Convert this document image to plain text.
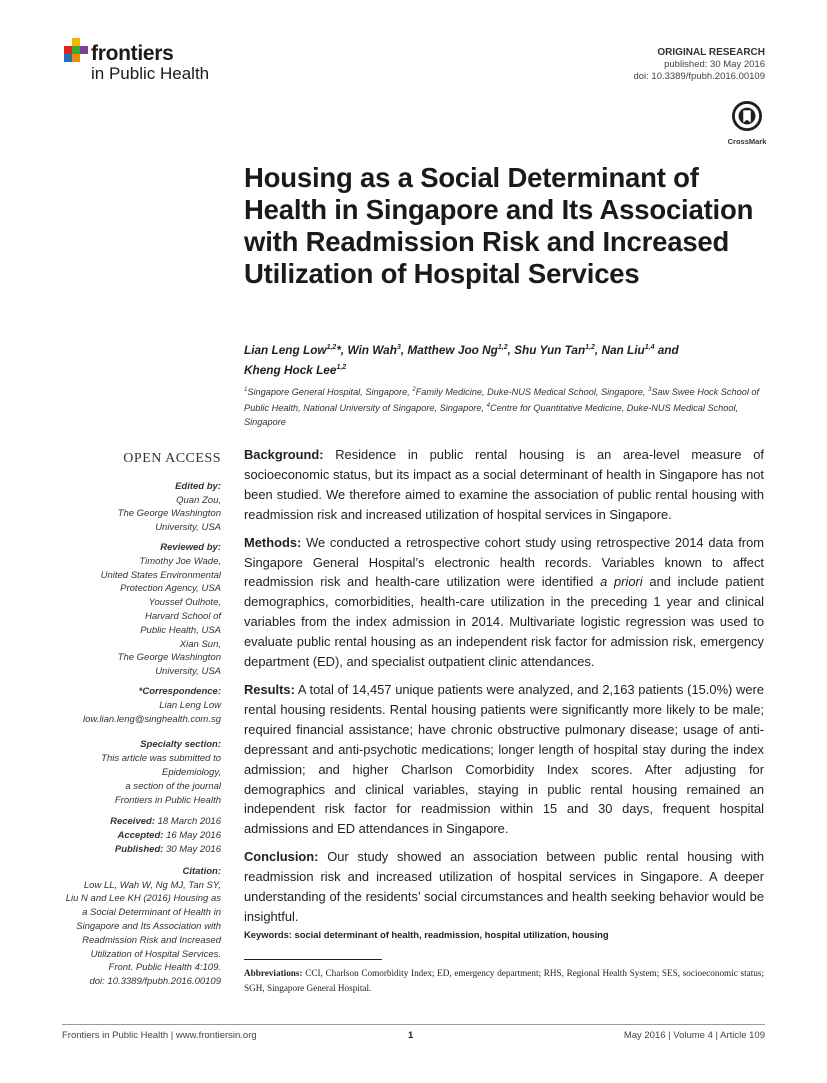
frontiers
in Public Health
ORIGINAL RESEARCH
published: 30 May 2016
doi: 10.3389/fpubh.2016.00109
CrossMark
Housing as a Social Determinant of Health in Singapore and Its Association with Readmission Risk and Increased Utilization of Hospital Services
Lian Leng Low$^{1,2}$*, Win Wah$^3$, Matthew Joo Ng$^{1,2}$, Shu Yun Tan$^{1,2}$, Nan Liu$^{1,4}$ and
Kheng Hock Lee$^{1,2}$
$^1$Singapore General Hospital, Singapore, $^2$Family Medicine, Duke-NUS Medical School, Singapore, $^3$Saw Swee Hock School of Public Health, National University of Singapore, Singapore, $^4$Centre for Quantitative Medicine, Duke-NUS Medical School, Singapore
OPEN ACCESS
Edited by:
Quan Zou,
The George Washington
University, USA
Reviewed by:
Timothy Joe Wade,
United States Environmental
Protection Agency, USA
Youssef Oulhote,
Harvard School of
Public Health, USA
Xian Sun,
The George Washington
University, USA
*Correspondence:
Lian Leng Low
low.lian.leng@singhealth.com.sg
Specialty section:
This article was submitted to
Epidemiology,
a section of the journal
Frontiers in Public Health
Received: 18 March 2016
Accepted: 16 May 2016
Published: 30 May 2016
Citation:
Low LL, Wah W, Ng MJ, Tan SY,
Liu N and Lee KH (2016) Housing as
a Social Determinant of Health in
Singapore and Its Association with
Readmission Risk and Increased
Utilization of Hospital Services.
Front. Public Health 4:109.
doi: 10.3389/fpubh.2016.00109

Background: Residence in public rental housing is an area-level measure of socioeconomic status, but its impact as a social determinant of health in Singapore has not been studied. We therefore aimed to examine the association of public rental housing with readmission risk and increased utilization of hospital services in Singapore.

Methods: We conducted a retrospective cohort study using retrospective 2014 data from Singapore General Hospital’s electronic health records. Variables known to affect readmission risk and health-care utilization were identified a priori and include patient demographics, comorbidities, health-care utilization in the preceding 1 year and clinical variables from the index admission in 2014. Multivariate logistic regression was used to evaluate public rental housing as an independent risk factor for admission risk, emergency department (ED), and specialist outpatient clinic attendances.

Results: A total of 14,457 unique patients were analyzed, and 2,163 patients (15.0%) were rental housing residents. Rental housing patients were significantly more likely to be male; required financial assistance; have chronic obstructive pulmonary disease; usage of anti-depressant and anti-psychotic medications; longer length of hospital stay during the index admission; and higher Charlson Comorbidity Index scores. After adjusting for demographics and clinical variables, staying in public rental housing remained an independent risk factor for readmission within 15 and 30 days, frequent hospital admissions and ED attendances in Singapore.

Conclusion: Our study showed an association between public rental housing with readmission risk and increased utilization of hospital services in Singapore. A deeper understanding of the residents’ social circumstances and health seeking behavior would be insightful.

Keywords: social determinant of health, readmission, hospital utilization, housing
Abbreviations: CCI, Charlson Comorbidity Index; ED, emergency department; RHS, Regional Health System; SES, socioeconomic status; SGH, Singapore General Hospital.
Frontiers in Public Health | www.frontiersin.org	1	May 2016 | Volume 4 | Article 109
